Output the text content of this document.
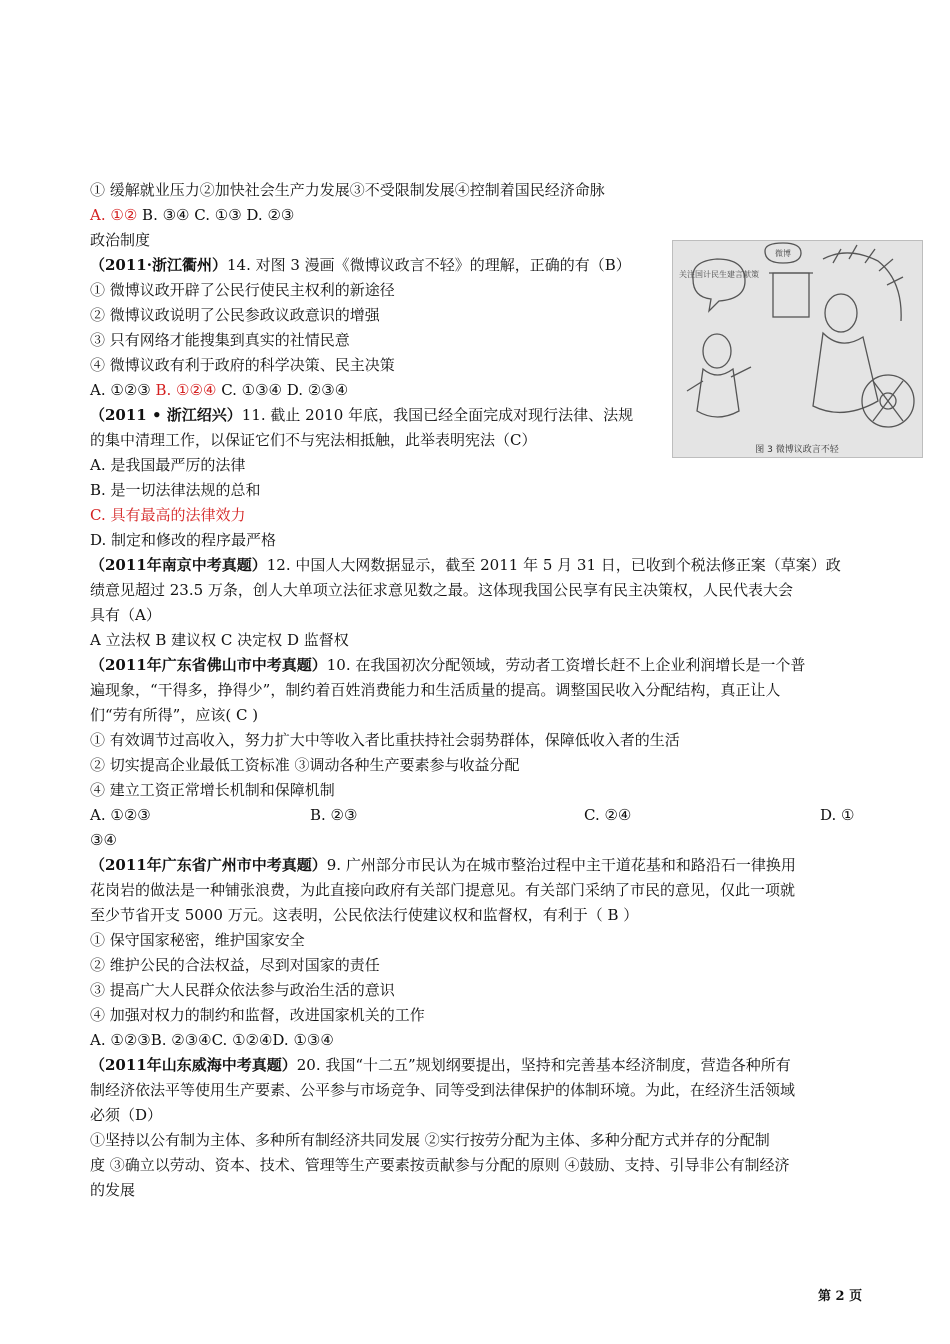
① 缓解就业压力②加快社会生产力发展③不受限制发展④控制着国民经济命脉
A. ①② B. ③④ C. ①③ D. ②③
政治制度
（2011·浙江衢州）14. 对图 3 漫画《微博议政言不轻》的理解，正确的有（B）
① 微博议政开辟了公民行使民主权利的新途径
② 微博议政说明了公民参政议政意识的增强
③ 只有网络才能搜集到真实的社情民意
④ 微博议政有利于政府的科学决策、民主决策
A. ①②③ B. ①②④ C. ①③④ D. ②③④
（2011 • 浙江绍兴）11. 截止 2010 年底，我国已经全面完成对现行法律、法规
的集中清理工作，以保证它们不与宪法相抵触，此举表明宪法（C）
A. 是我国最严厉的法律
B. 是一切法律法规的总和
C. 具有最高的法律效力
D. 制定和修改的程序最严格
（2011年南京中考真题）12. 中国人大网数据显示，截至 2011 年 5 月 31 日，已收到个税法修正案（草案）政
绩意见超过 23.5 万条，创人大单项立法征求意见数之最。这体现我国公民享有民主决策权，人民代表大会
具有（A）
A 立法权 B 建议权 C 决定权 D 监督权
（2011年广东省佛山市中考真题）10. 在我国初次分配领域，劳动者工资增长赶不上企业利润增长是一个普
遍现象，“干得多，挣得少”，制约着百姓消费能力和生活质量的提高。调整国民收入分配结构，真正让人
们“劳有所得”，应该( C )
① 有效调节过高收入，努力扩大中等收入者比重扶持社会弱势群体，保障低收入者的生活
② 切实提高企业最低工资标准 ③调动各种生产要素参与收益分配
④ 建立工资正常增长机制和保障机制
A. ①②③	B. ②③	C. ②④	D. ①
③④
（2011年广东省广州市中考真题）9. 广州部分市民认为在城市整治过程中主干道花基和和路沿石一律换用
花岗岩的做法是一种铺张浪费，为此直接向政府有关部门提意见。有关部门采纳了市民的意见，仅此一项就
至少节省开支 5000 万元。这表明，公民依法行使建议权和监督权，有利于（ B ）
① 保守国家秘密，维护国家安全
② 维护公民的合法权益，尽到对国家的责任
③ 提高广大人民群众依法参与政治生活的意识
④ 加强对权力的制约和监督，改进国家机关的工作
A. ①②③B. ②③④C. ①②④D. ①③④
（2011年山东威海中考真题）20. 我国“十二五”规划纲要提出，坚持和完善基本经济制度，营造各种所有
制经济依法平等使用生产要素、公平参与市场竞争、同等受到法律保护的体制环境。为此，在经济生活领域
必须（D）
①坚持以公有制为主体、多种所有制经济共同发展 ②实行按劳分配为主体、多种分配方式并存的分配制
度 ③确立以劳动、资本、技术、管理等生产要素按贡献参与分配的原则 ④鼓励、支持、引导非公有制经济
的发展
关注国计民生建言献策
微博
图 3 微博议政言不轻
第 2 页
